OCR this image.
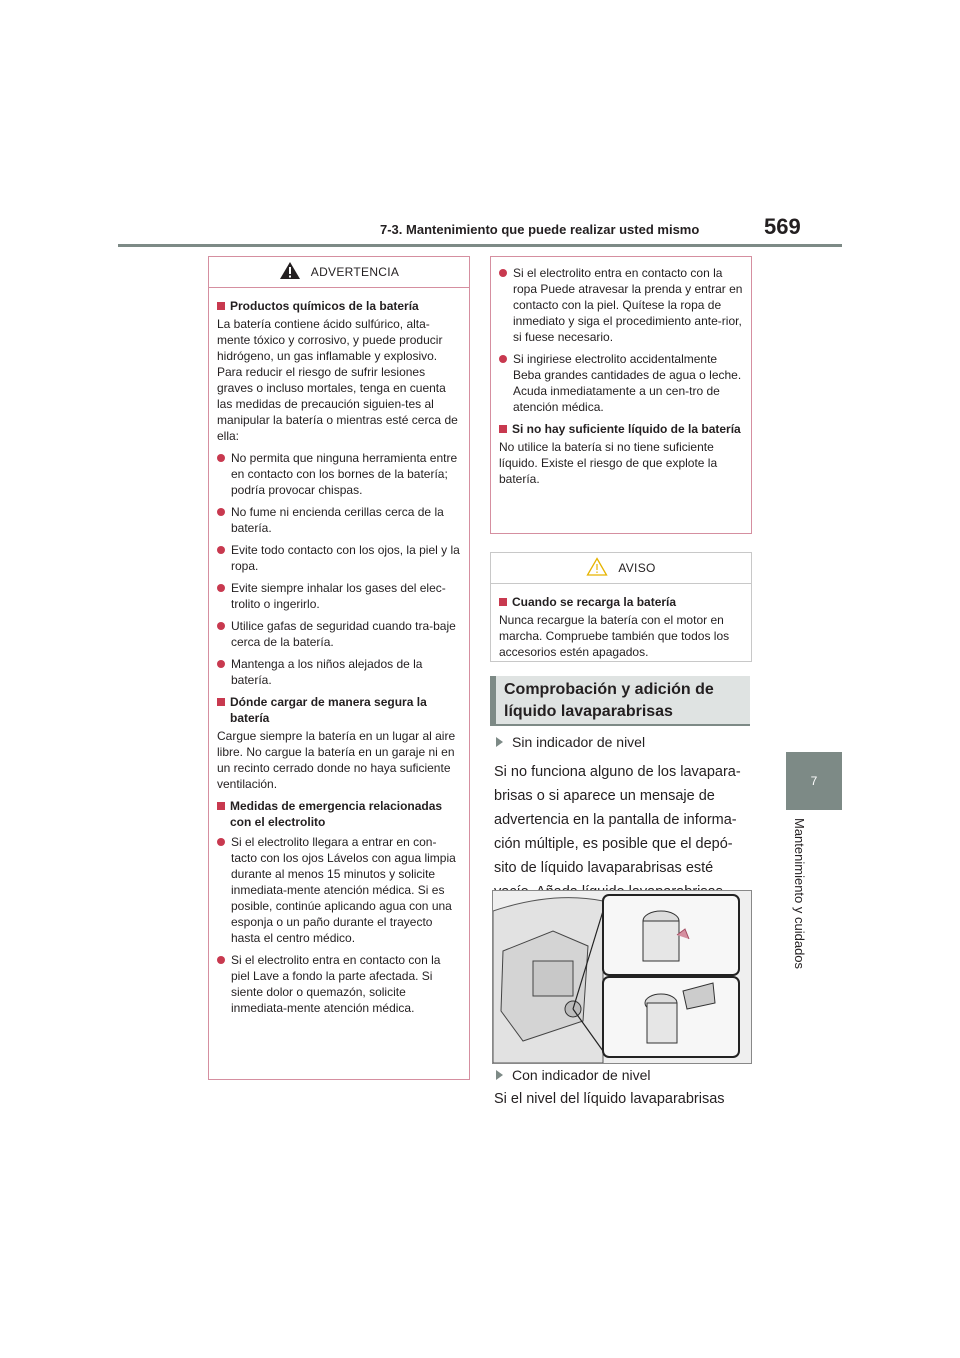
7-3. Mantenimiento que puede realizar usted mismo	569
7
Mantenimiento y cuidados
ADVERTENCIA
Productos químicos de la batería
La batería contiene ácido sulfúrico, alta-mente tóxico y corrosivo, y puede producir hidrógeno, un gas inflamable y explosivo. Para reducir el riesgo de sufrir lesiones graves o incluso mortales, tenga en cuenta las medidas de precaución siguien-tes al manipular la batería o mientras esté cerca de ella:
No permita que ninguna herramienta entre en contacto con los bornes de la batería; podría provocar chispas.
No fume ni encienda cerillas cerca de la batería.
Evite todo contacto con los ojos, la piel y la ropa.
Evite siempre inhalar los gases del elec-trolito o ingerirlo.
Utilice gafas de seguridad cuando tra-baje cerca de la batería.
Mantenga a los niños alejados de la batería.
Dónde cargar de manera segura la batería
Cargue siempre la batería en un lugar al aire libre. No cargue la batería en un garaje ni en un recinto cerrado donde no haya suficiente ventilación.
Medidas de emergencia relacionadas con el electrolito
Si el electrolito llegara a entrar en con-tacto con los ojos Lávelos con agua limpia durante al menos 15 minutos y solicite inmediata-mente atención médica. Si es posible, continúe aplicando agua con una esponja o un paño durante el trayecto hasta el centro médico.
Si el electrolito entra en contacto con la piel Lave a fondo la parte afectada. Si siente dolor o quemazón, solicite inmediata-mente atención médica.
Si el electrolito entra en contacto con la ropa Puede atravesar la prenda y entrar en contacto con la piel. Quítese la ropa de inmediato y siga el procedimiento ante-rior, si fuese necesario.
Si ingiriese electrolito accidentalmente Beba grandes cantidades de agua o leche. Acuda inmediatamente a un cen-tro de atención médica.
Si no hay suficiente líquido de la batería
No utilice la batería si no tiene suficiente líquido. Existe el riesgo de que explote la batería.
AVISO
Cuando se recarga la batería
Nunca recargue la batería con el motor en marcha. Compruebe también que todos los accesorios estén apagados.
Comprobación y adición de líquido lavaparabrisas
Sin indicador de nivel
Si no funciona alguno de los lavapara-brisas o si aparece un mensaje de advertencia en la pantalla de informa-ción múltiple, es posible que el depó-sito de líquido lavaparabrisas esté
Con indicador de nivel
Si el nivel del líquido lavaparabrisas
